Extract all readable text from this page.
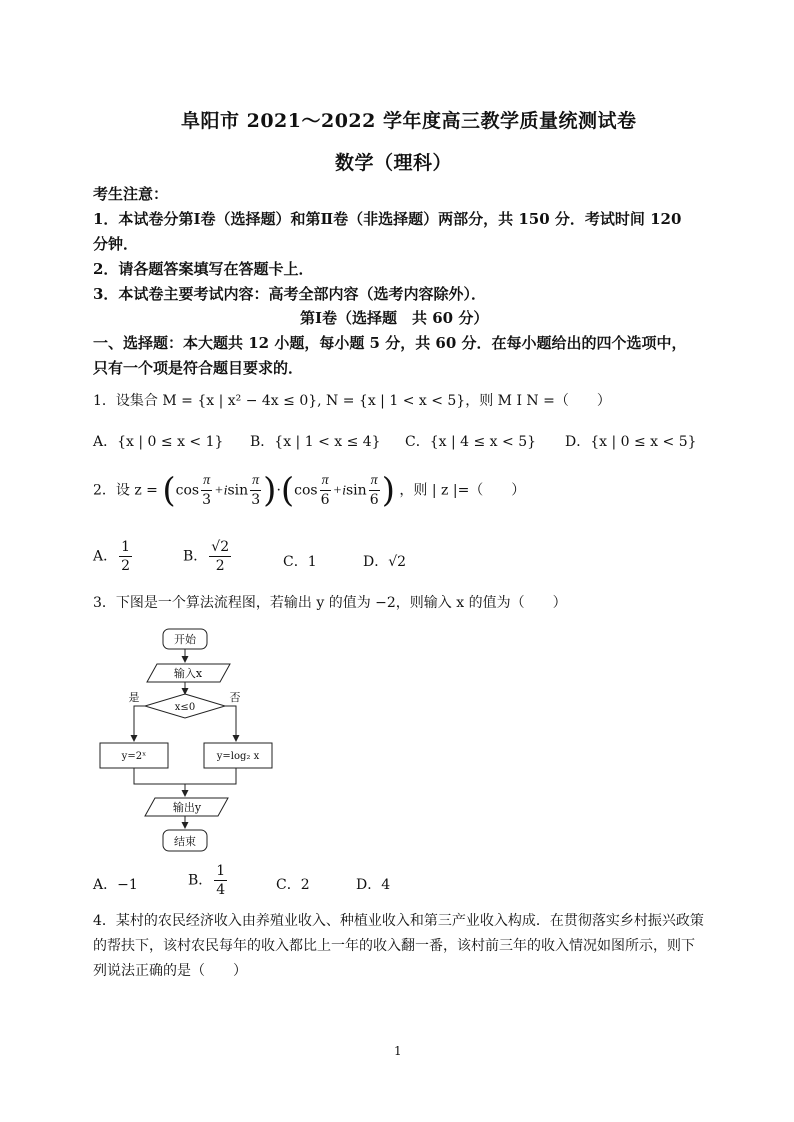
阜阳市 2021～2022 学年度高三教学质量统测试卷
数学（理科）
考生注意：
1．本试卷分第Ⅰ卷（选择题）和第Ⅱ卷（非选择题）两部分，共 150 分．考试时间 120
分钟．
2．请各题答案填写在答题卡上．
3．本试卷主要考试内容：高考全部内容（选考内容除外）．
第Ⅰ卷（选择题　共 60 分）
一、选择题：本大题共 12 小题，每小题 5 分，共 60 分．在每小题给出的四个选项中，
只有一个项是符合题目要求的．
1．设集合 M = {x | x² − 4x ≤ 0}, N = {x | 1 < x < 5}，则 M I N =（　　）
A．{x | 0 ≤ x < 1} B．{x | 1 < x ≤ 4} C．{x | 4 ≤ x < 5} D．{x | 0 ≤ x < 5}
2．设 $z = (\cos \frac{\pi}{3} +isin \frac{\pi}{3} )\cdot(\cos \frac{\pi}{6} +isin \frac{\pi}{6}$ ) ，则 | z |=（　　）
A． $\frac{1}{2}$	B． $\frac{√2}{2}$	C．1	D．√2
3．下图是一个算法流程图，若输出 y 的值为 −2，则输入 x 的值为（　　）
开始
输入x
x≤0
是	否
y=2ˣ	y=log₂ x
输出y
结束
A．−1	B． $\frac{1}{4}$	C．2	D．4
4．某村的农民经济收入由养殖业收入、种植业收入和第三产业收入构成．在贯彻落实乡村振兴政策
的帮扶下，该村农民每年的收入都比上一年的收入翻一番，该村前三年的收入情况如图所示，则下
列说法正确的是（　　）
1
